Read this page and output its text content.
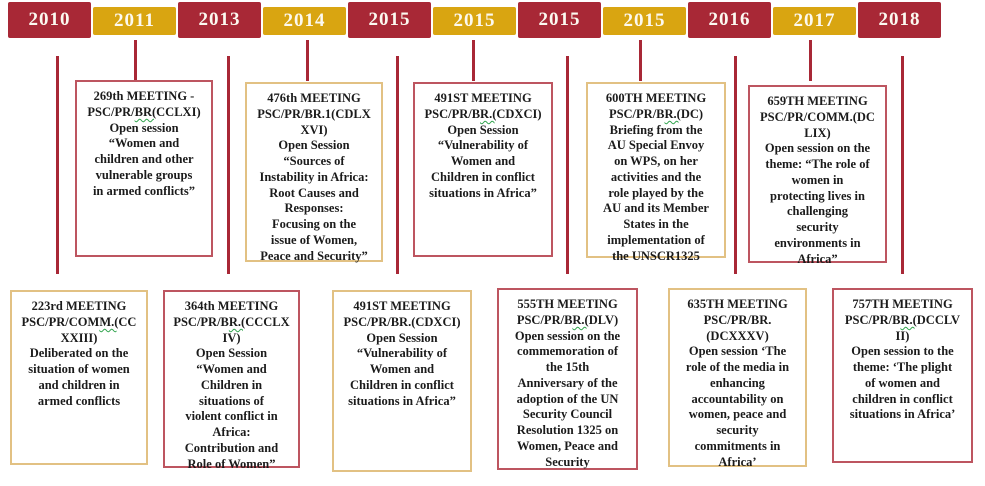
2010 2011 2013 2014 2015 2015 2015 2015 2016 2017 2018
269th MEETING -
PSC/PR/BR(CCLXI)
Open session
“Women and
children and other
vulnerable groups
in armed conflicts”
476th MEETING
PSC/PR/BR.1(CDLX
XVI)
Open Session
“Sources of
Instability in Africa:
Root Causes and
Responses:
Focusing on the
issue of Women,
Peace and Security”
491ST MEETING
PSC/PR/BR.(CDXCI)
Open Session
“Vulnerability of
Women and
Children in conflict
situations in Africa”
600TH MEETING
PSC/PR/BR.(DC)
Briefing from the
AU Special Envoy
on WPS, on her
activities and the
role played by the
AU and its Member
States in the
implementation of
the UNSCR1325
659TH MEETING
PSC/PR/COMM.(DC
LIX)
Open session on the
theme: “The role of
women in
protecting lives in
challenging
security
environments in
Africa”
223rd MEETING
PSC/PR/COMM.(CC
XXIII)
Deliberated on the
situation of women
and children in
armed conflicts
364th MEETING
PSC/PR/BR.(CCCLX
IV)
Open Session
“Women and
Children in
situations of
violent conflict in
Africa:
Contribution and
Role of Women”
491ST MEETING
PSC/PR/BR.(CDXCI)
Open Session
“Vulnerability of
Women and
Children in conflict
situations in Africa”
555TH MEETING
PSC/PR/BR.(DLV)
Open session on the
commemoration of
the 15th
Anniversary of the
adoption of the UN
Security Council
Resolution 1325 on
Women, Peace and
Security
635TH MEETING
PSC/PR/BR.
(DCXXXV)
Open session ‘The
role of the media in
enhancing
accountability on
women, peace and
security
commitments in
Africa’
757TH MEETING
PSC/PR/BR.(DCCLV
II)
Open session to the
theme: ‘The plight
of women and
children in conflict
situations in Africa’
